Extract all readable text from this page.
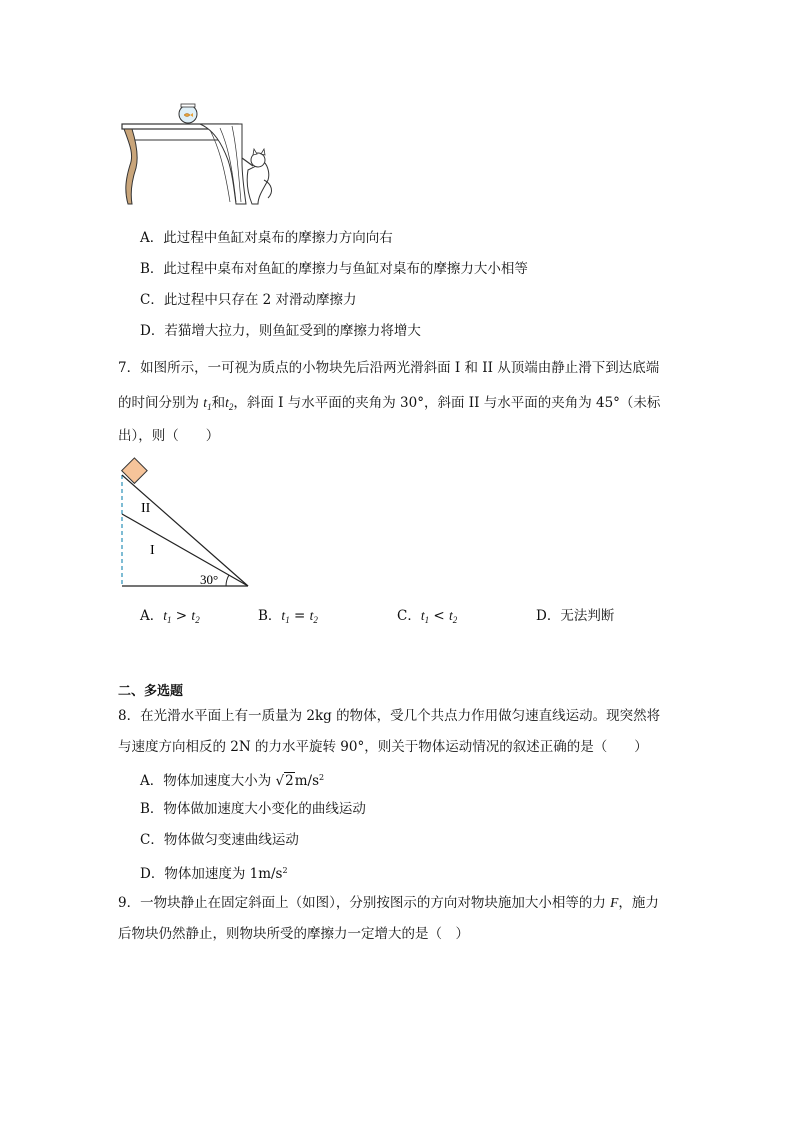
A．此过程中鱼缸对桌布的摩擦力方向向右
B．此过程中桌布对鱼缸的摩擦力与鱼缸对桌布的摩擦力大小相等
C．此过程中只存在 2 对滑动摩擦力
D．若猫增大拉力，则鱼缸受到的摩擦力将增大
7．如图所示，一可视为质点的小物块先后沿两光滑斜面 I 和 II 从顶端由静止滑下到达底端
的时间分别为 $t_1$和$t_2$，斜面 I 与水平面的夹角为 30°，斜面 II 与水平面的夹角为 45°（未标
出），则（　　）
II
I
30°
A．$t_1 > t_2$	B．$t_1 = t_2$	C．$t_1 < t_2$	D．无法判断
二、多选题
8．在光滑水平面上有一质量为 2kg 的物体，受几个共点力作用做匀速直线运动。现突然将
与速度方向相反的 2N 的力水平旋转 90°，则关于物体运动情况的叙述正确的是（　　）
A．物体加速度大小为 $√2m/s^2$
B．物体做加速度大小变化的曲线运动
C．物体做匀变速曲线运动
D．物体加速度为 $1m/s^2$
9．一物块静止在固定斜面上（如图），分别按图示的方向对物块施加大小相等的力 F，施力
后物块仍然静止，则物块所受的摩擦力一定增大的是（　）
